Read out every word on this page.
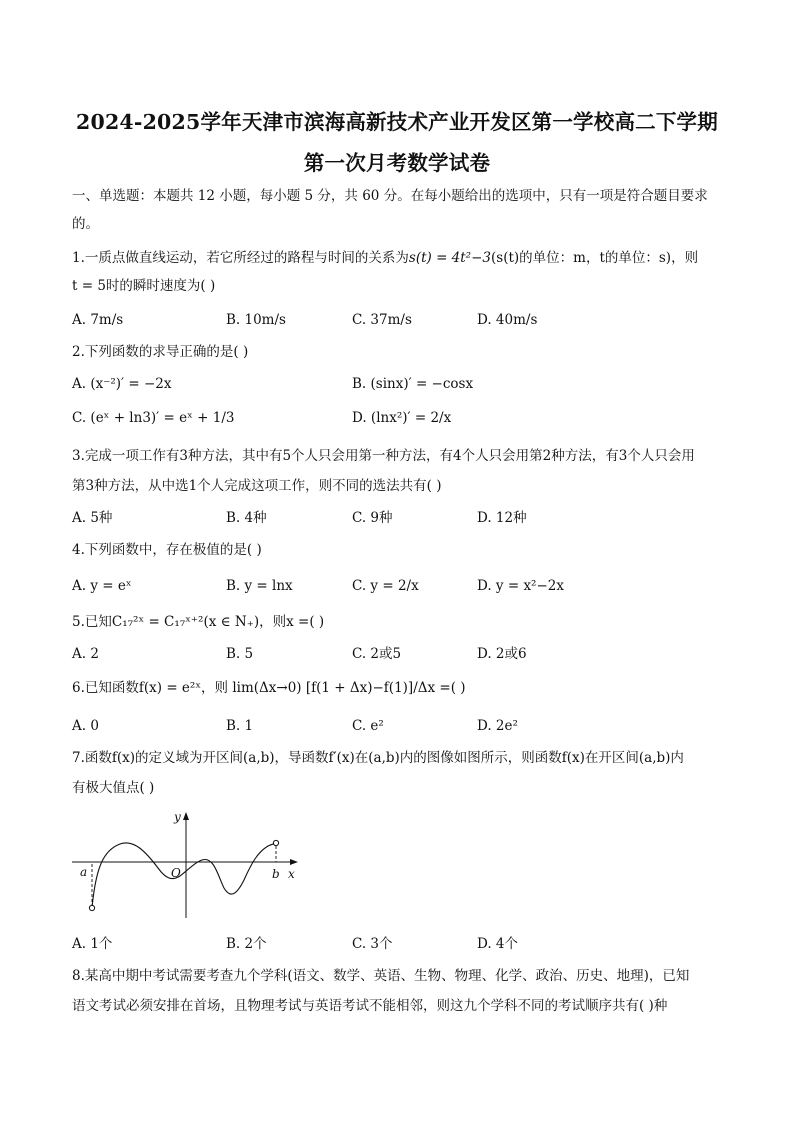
2024-2025学年天津市滨海高新技术产业开发区第一学校高二下学期
第一次月考数学试卷
一、单选题：本题共 12 小题，每小题 5 分，共 60 分。在每小题给出的选项中，只有一项是符合题目要求
的。
1.一质点做直线运动，若它所经过的路程与时间的关系为s(t) = 4t²−3(s(t)的单位：m，t的单位：s)，则
t = 5时的瞬时速度为( )
A. 7m/s	B. 10m/s	C. 37m/s	D. 40m/s
2.下列函数的求导正确的是( )
A. (x⁻²)′ = −2x	B. (sinx)′ = −cosx
C. (eˣ + ln3)′ = eˣ + 1/3	D. (lnx²)′ = 2/x
3.完成一项工作有3种方法，其中有5个人只会用第一种方法，有4个人只会用第2种方法，有3个人只会用
第3种方法，从中选1个人完成这项工作，则不同的选法共有( )
A. 5种	B. 4种	C. 9种	D. 12种
4.下列函数中，存在极值的是( )
A. y = eˣ	B. y = lnx	C. y = 2/x	D. y = x²−2x
5.已知C₁₇²ˣ = C₁₇ˣ⁺²(x ∈ N₊)，则x =( )
A. 2	B. 5	C. 2或5	D. 2或6
6.已知函数f(x) = e²ˣ，则 lim(Δx→0) [f(1 + Δx)−f(1)]/Δx =( )
A. 0	B. 1	C. e²	D. 2e²
7.函数f(x)的定义域为开区间(a,b)，导函数f′(x)在(a,b)内的图像如图所示，则函数f(x)在开区间(a,b)内
有极大值点( )
y
x
O
a	b
A. 1个	B. 2个	C. 3个	D. 4个
8.某高中期中考试需要考查九个学科(语文、数学、英语、生物、物理、化学、政治、历史、地理)，已知
语文考试必须安排在首场，且物理考试与英语考试不能相邻，则这九个学科不同的考试顺序共有( )种
